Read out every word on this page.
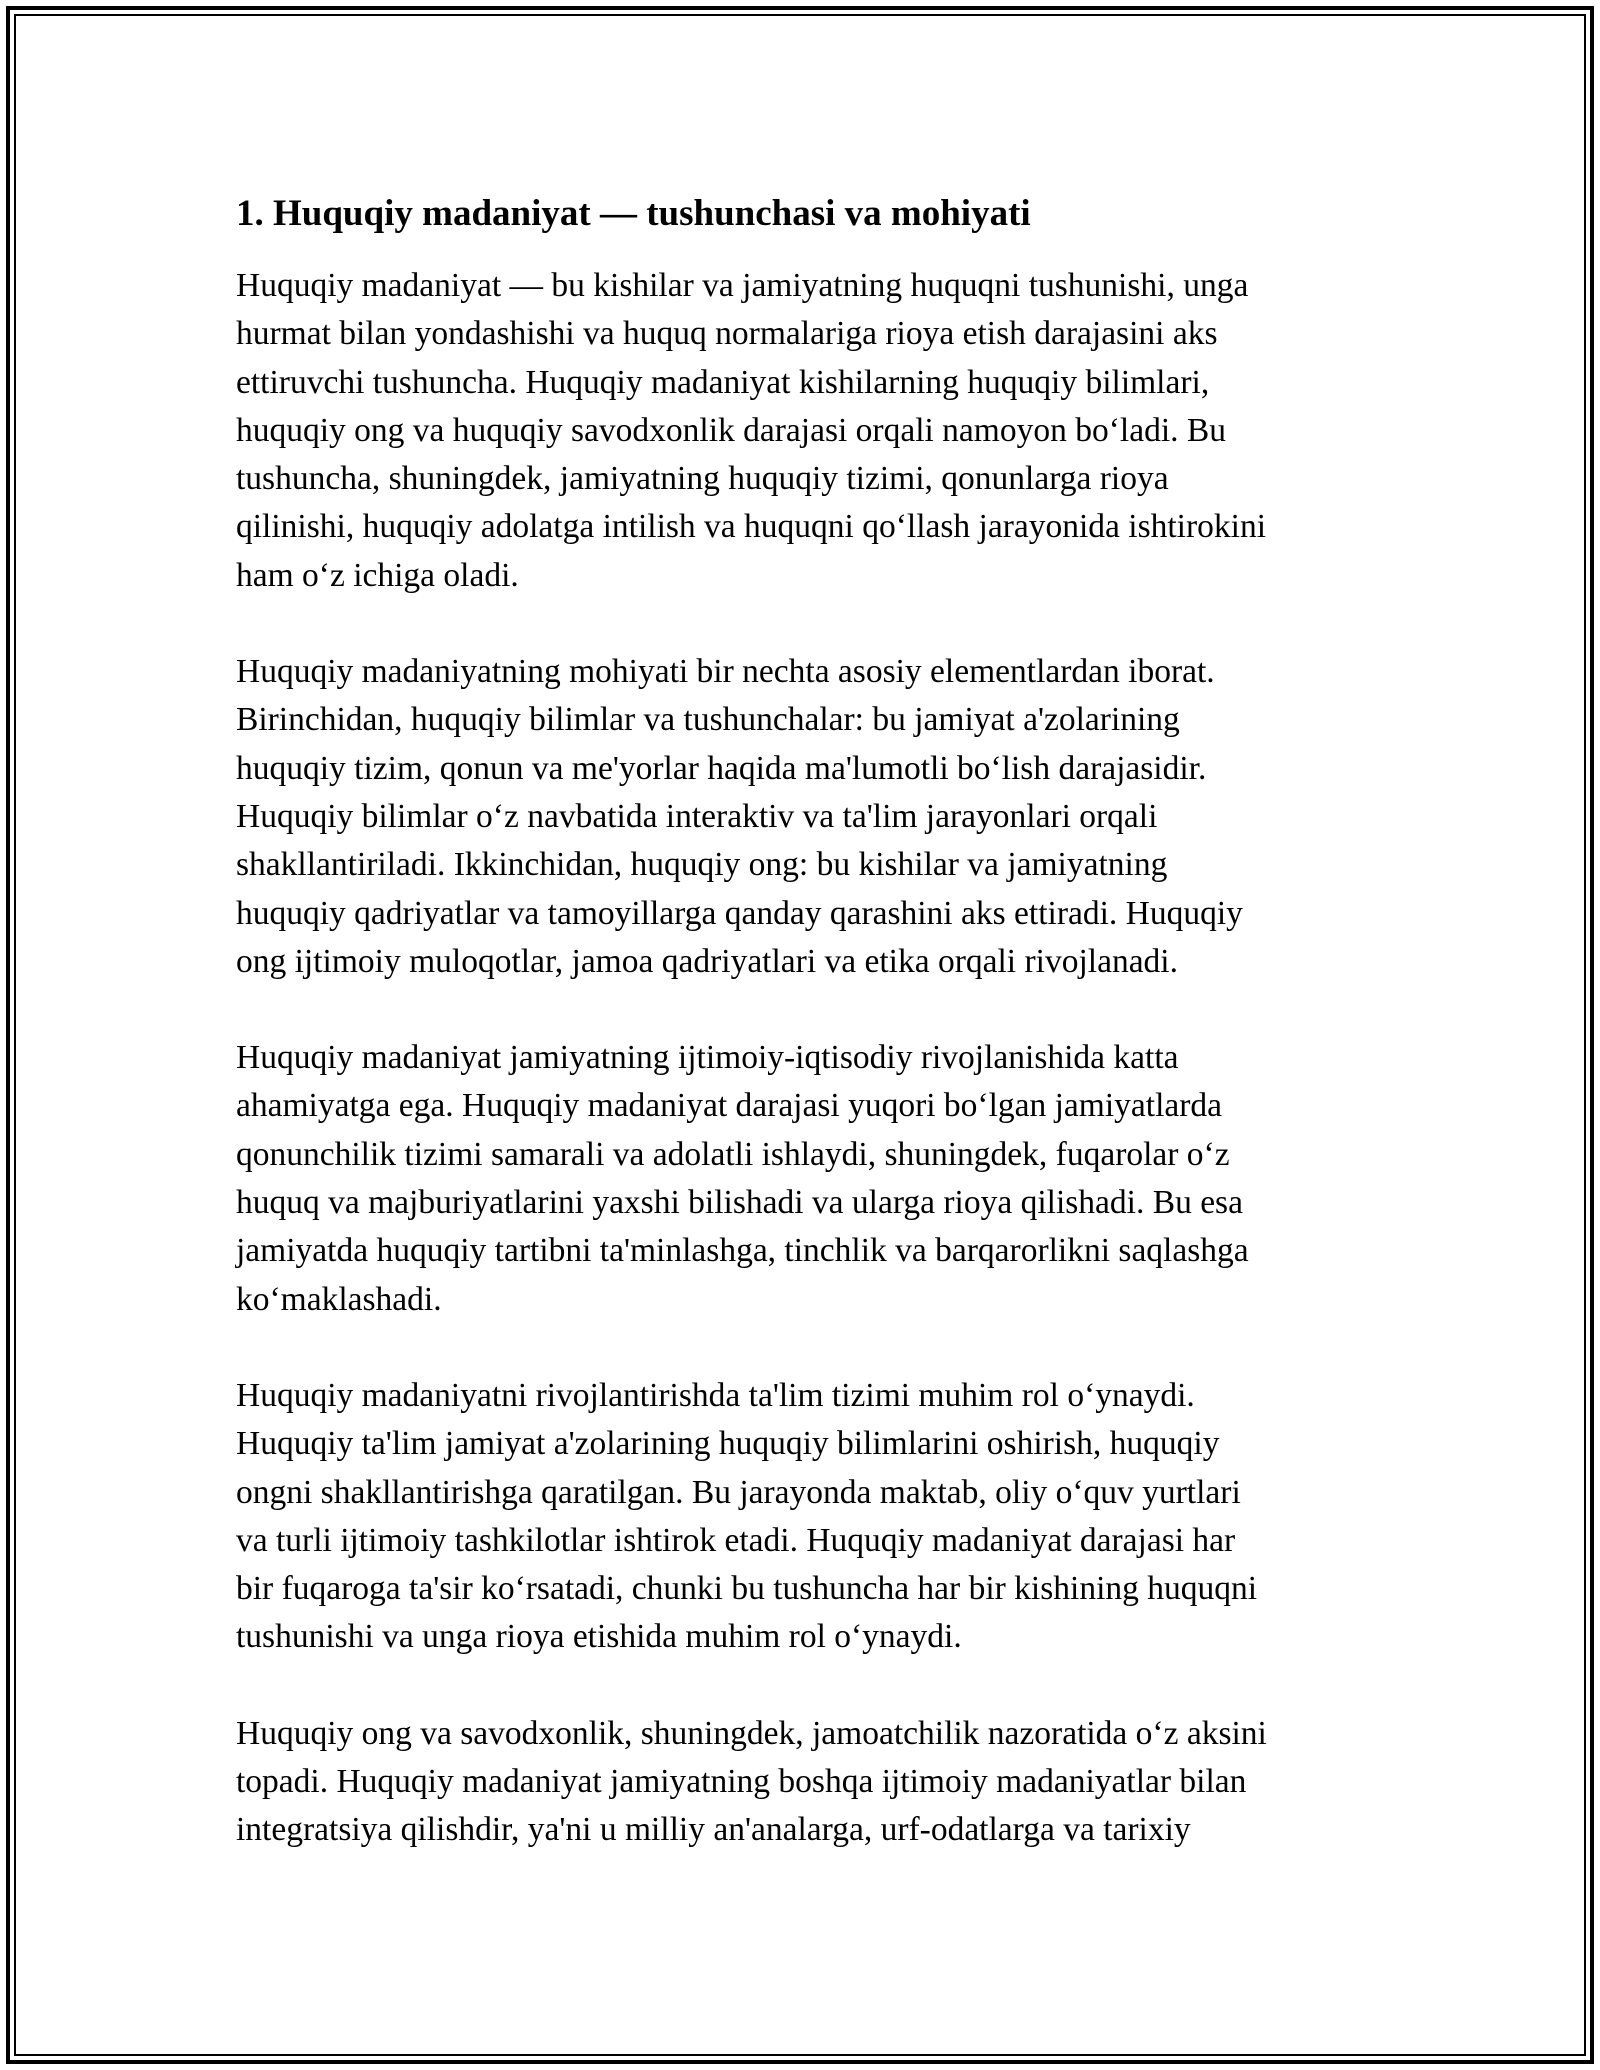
1. Huquqiy madaniyat — tushunchasi va mohiyati

Huquqiy madaniyat — bu kishilar va jamiyatning huquqni tushunishi, unga
hurmat bilan yondashishi va huquq normalariga rioya etish darajasini aks
ettiruvchi tushuncha. Huquqiy madaniyat kishilarning huquqiy bilimlari,
huquqiy ong va huquqiy savodxonlik darajasi orqali namoyon boʻladi. Bu
tushuncha, shuningdek, jamiyatning huquqiy tizimi, qonunlarga rioya
qilinishi, huquqiy adolatga intilish va huquqni qoʻllash jarayonida ishtirokini
ham oʻz ichiga oladi.

Huquqiy madaniyatning mohiyati bir nechta asosiy elementlardan iborat.
Birinchidan, huquqiy bilimlar va tushunchalar: bu jamiyat a'zolarining
huquqiy tizim, qonun va me'yorlar haqida ma'lumotli boʻlish darajasidir.
Huquqiy bilimlar oʻz navbatida interaktiv va ta'lim jarayonlari orqali
shakllantiriladi. Ikkinchidan, huquqiy ong: bu kishilar va jamiyatning
huquqiy qadriyatlar va tamoyillarga qanday qarashini aks ettiradi. Huquqiy
ong ijtimoiy muloqotlar, jamoa qadriyatlari va etika orqali rivojlanadi.

Huquqiy madaniyat jamiyatning ijtimoiy-iqtisodiy rivojlanishida katta
ahamiyatga ega. Huquqiy madaniyat darajasi yuqori boʻlgan jamiyatlarda
qonunchilik tizimi samarali va adolatli ishlaydi, shuningdek, fuqarolar oʻz
huquq va majburiyatlarini yaxshi bilishadi va ularga rioya qilishadi. Bu esa
jamiyatda huquqiy tartibni ta'minlashga, tinchlik va barqarorlikni saqlashga
koʻmaklashadi.

Huquqiy madaniyatni rivojlantirishda ta'lim tizimi muhim rol oʻynaydi.
Huquqiy ta'lim jamiyat a'zolarining huquqiy bilimlarini oshirish, huquqiy
ongni shakllantirishga qaratilgan. Bu jarayonda maktab, oliy oʻquv yurtlari
va turli ijtimoiy tashkilotlar ishtirok etadi. Huquqiy madaniyat darajasi har
bir fuqaroga ta'sir koʻrsatadi, chunki bu tushuncha har bir kishining huquqni
tushunishi va unga rioya etishida muhim rol oʻynaydi.

Huquqiy ong va savodxonlik, shuningdek, jamoatchilik nazoratida oʻz aksini
topadi. Huquqiy madaniyat jamiyatning boshqa ijtimoiy madaniyatlar bilan
integratsiya qilishdir, ya'ni u milliy an'analarga, urf-odatlarga va tarixiy
